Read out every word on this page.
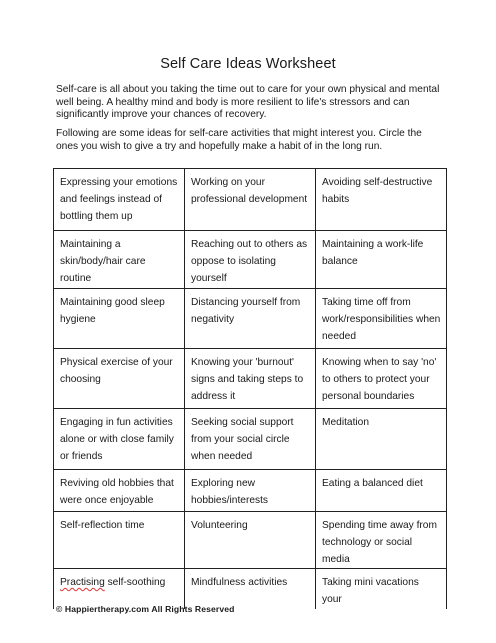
Self Care Ideas Worksheet

Self-care is all about you taking the time out to care for your own physical and mental well being. A healthy mind and body is more resilient to life's stressors and can significantly improve your chances of recovery.

Following are some ideas for self-care activities that might interest you. Circle the ones you wish to give a try and hopefully make a habit of in the long run.

Expressing your emotions and feelings instead of bottling them up	Working on your professional development	Avoiding self-destructive habits
Maintaining a skin/body/hair care routine	Reaching out to others as oppose to isolating yourself	Maintaining a work-life balance
Maintaining good sleep hygiene	Distancing yourself from negativity	Taking time off from work/responsibilities when needed
Physical exercise of your choosing	Knowing your 'burnout' signs and taking steps to address it	Knowing when to say 'no' to others to protect your personal boundaries
Engaging in fun activities alone or with close family or friends	Seeking social support from your social circle when needed	Meditation
Reviving old hobbies that were once enjoyable	Exploring new hobbies/interests	Eating a balanced diet
Self-reflection time	Volunteering	Spending time away from technology or social media
Practising self-soothing	Mindfulness activities	Taking mini vacations your
© Happiertherapy.com All Rights Reserved
